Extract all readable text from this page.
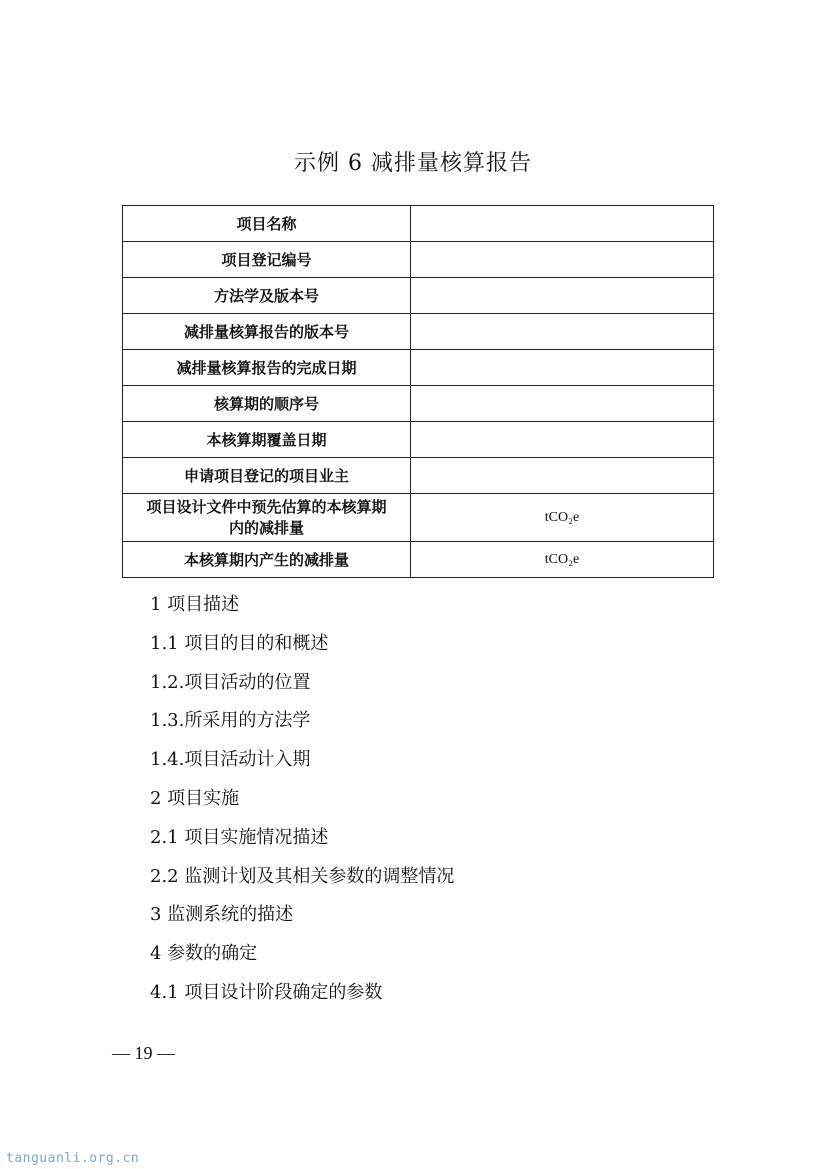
示例 6 减排量核算报告
项目名称	
项目登记编号	
方法学及版本号	
减排量核算报告的版本号	
减排量核算报告的完成日期	
核算期的顺序号	
本核算期覆盖日期	
申请项目登记的项目业主	
项目设计文件中预先估算的本核算期
内的减排量	tCO₂e
本核算期内产生的减排量	tCO₂e
1 项目描述
1.1 项目的目的和概述
1.2.项目活动的位置
1.3.所采用的方法学
1.4.项目活动计入期
2 项目实施
2.1 项目实施情况描述
2.2 监测计划及其相关参数的调整情况
3 监测系统的描述
4 参数的确定
4.1 项目设计阶段确定的参数
— 19 —
tanguanli.org.cn
